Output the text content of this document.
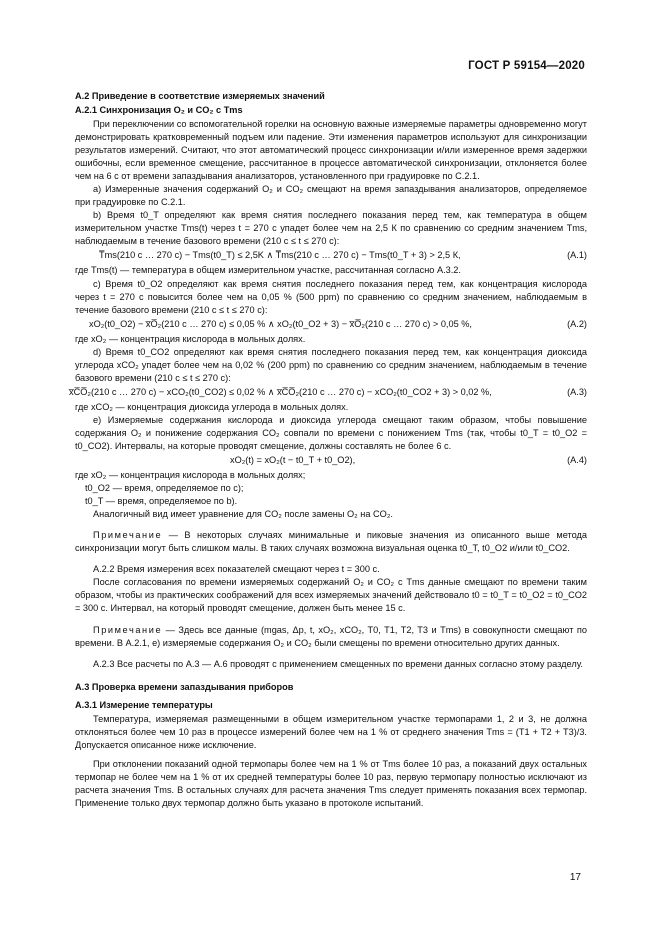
ГОСТ Р 59154—2020
А.2 Приведение в соответствие измеряемых значений
А.2.1 Синхронизация O₂ и CO₂ с Tms

При переключении со вспомогательной горелки на основную важные измеряемые параметры одновременно могут демонстрировать кратковременный подъем или падение. Эти изменения параметров используют для синхронизации результатов измерений. Считают, что этот автоматический процесс синхронизации и/или измеренное время задержки ошибочны, если временное смещение, рассчитанное в процессе автоматической синхронизации, отклоняется более чем на 6 с от времени запаздывания анализаторов, установленного при градуировке по С.2.1.

а) Измеренные значения содержаний O₂ и CO₂ смещают на время запаздывания анализаторов, определяемое при градуировке по С.2.1.

b) Время t0_T определяют как время снятия последнего показания перед тем, как температура в общем измерительном участке Tms(t) через t = 270 с упадет более чем на 2,5 К по сравнению со средним значением Tms, наблюдаемым в течение базового времени (210 с ≤ t ≤ 270 с):

T̅ms(210 с … 270 с) − Tms(t0_T) ≤ 2,5K ∧ T̅ms(210 с … 270 с) − Tms(t0_T + 3) > 2,5 К,	(А.1)

где Tms(t) — температура в общем измерительном участке, рассчитанная согласно А.3.2.

с) Время t0_O2 определяют как время снятия последнего показания перед тем, как концентрация кислорода через t = 270 с повысится более чем на 0,05 % (500 ppm) по сравнению со средним значением, наблюдаемым в течение базового времени (210 с ≤ t ≤ 270 с):

xO₂(t0_O2) − x̅O̅₂(210 с … 270 с) ≤ 0,05 % ∧ xO₂(t0_O2 + 3) − x̅O̅₂(210 с … 270 с) > 0,05 %,	(А.2)

где xO₂ — концентрация кислорода в мольных долях.

d) Время t0_CO2 определяют как время снятия последнего показания перед тем, как концентрация диоксида углерода xCO₂ упадет более чем на 0,02 % (200 ppm) по сравнению со средним значением, наблюдаемым в течение базового времени (210 с ≤ t ≤ 270 с):

x̅C̅O̅₂(210 с … 270 с) − xCO₂(t0_CO2) ≤ 0,02 % ∧ x̅C̅O̅₂(210 с … 270 с) − xCO₂(t0_CO2 + 3) > 0,02 %,	(А.3)

где xCO₂ — концентрация диоксида углерода в мольных долях.

е) Измеряемые содержания кислорода и диоксида углерода смещают таким образом, чтобы повышение содержания O₂ и понижение содержания CO₂ совпали по времени с понижением Tms (так, чтобы t0_T = t0_O2 = t0_CO2). Интервалы, на которые проводят смещение, должны составлять не более 6 с.

xO₂(t) = xO₂(t − t0_T + t0_O2),	(А.4)

где xO₂ — концентрация кислорода в мольных долях;

t0_O2 — время, определяемое по с);

t0_T — время, определяемое по b).

Аналогичный вид имеет уравнение для CO₂ после замены O₂ на CO₂.

Примечание — В некоторых случаях минимальные и пиковые значения из описанного выше метода синхронизации могут быть слишком малы. В таких случаях возможна визуальная оценка t0_T, t0_O2 и/или t0_CO2.

А.2.2 Время измерения всех показателей смещают через t = 300 с.

После согласования по времени измеряемых содержаний O₂ и CO₂ с Tms данные смещают по времени таким образом, чтобы из практических соображений для всех измеряемых значений действовало t0 = t0_T = t0_O2 = t0_CO2 = 300 с. Интервал, на который проводят смещение, должен быть менее 15 с.

Примечание — Здесь все данные (mgas, Δp, t, xO₂, xCO₂, T0, T1, T2, T3 и Tms) в совокупности смещают по времени. В А.2.1, е) измеряемые содержания O₂ и CO₂ были смещены по времени относительно других данных.

А.2.3 Все расчеты по А.3 — А.6 проводят с применением смещенных по времени данных согласно этому разделу.

А.3 Проверка времени запаздывания приборов
А.3.1 Измерение температуры

Температура, измеряемая размещенными в общем измерительном участке термопарами 1, 2 и 3, не должна отклоняться более чем 10 раз в процессе измерений более чем на 1 % от среднего значения Tms = (T1 + T2 + T3)/3. Допускается описанное ниже исключение.

При отклонении показаний одной термопары более чем на 1 % от Tms более 10 раз, а показаний двух остальных термопар не более чем на 1 % от их средней температуры более 10 раз, первую термопару полностью исключают из расчета значения Tms. В остальных случаях для расчета значения Tms следует применять показания всех термопар. Применение только двух термопар должно быть указано в протоколе испытаний.

17
